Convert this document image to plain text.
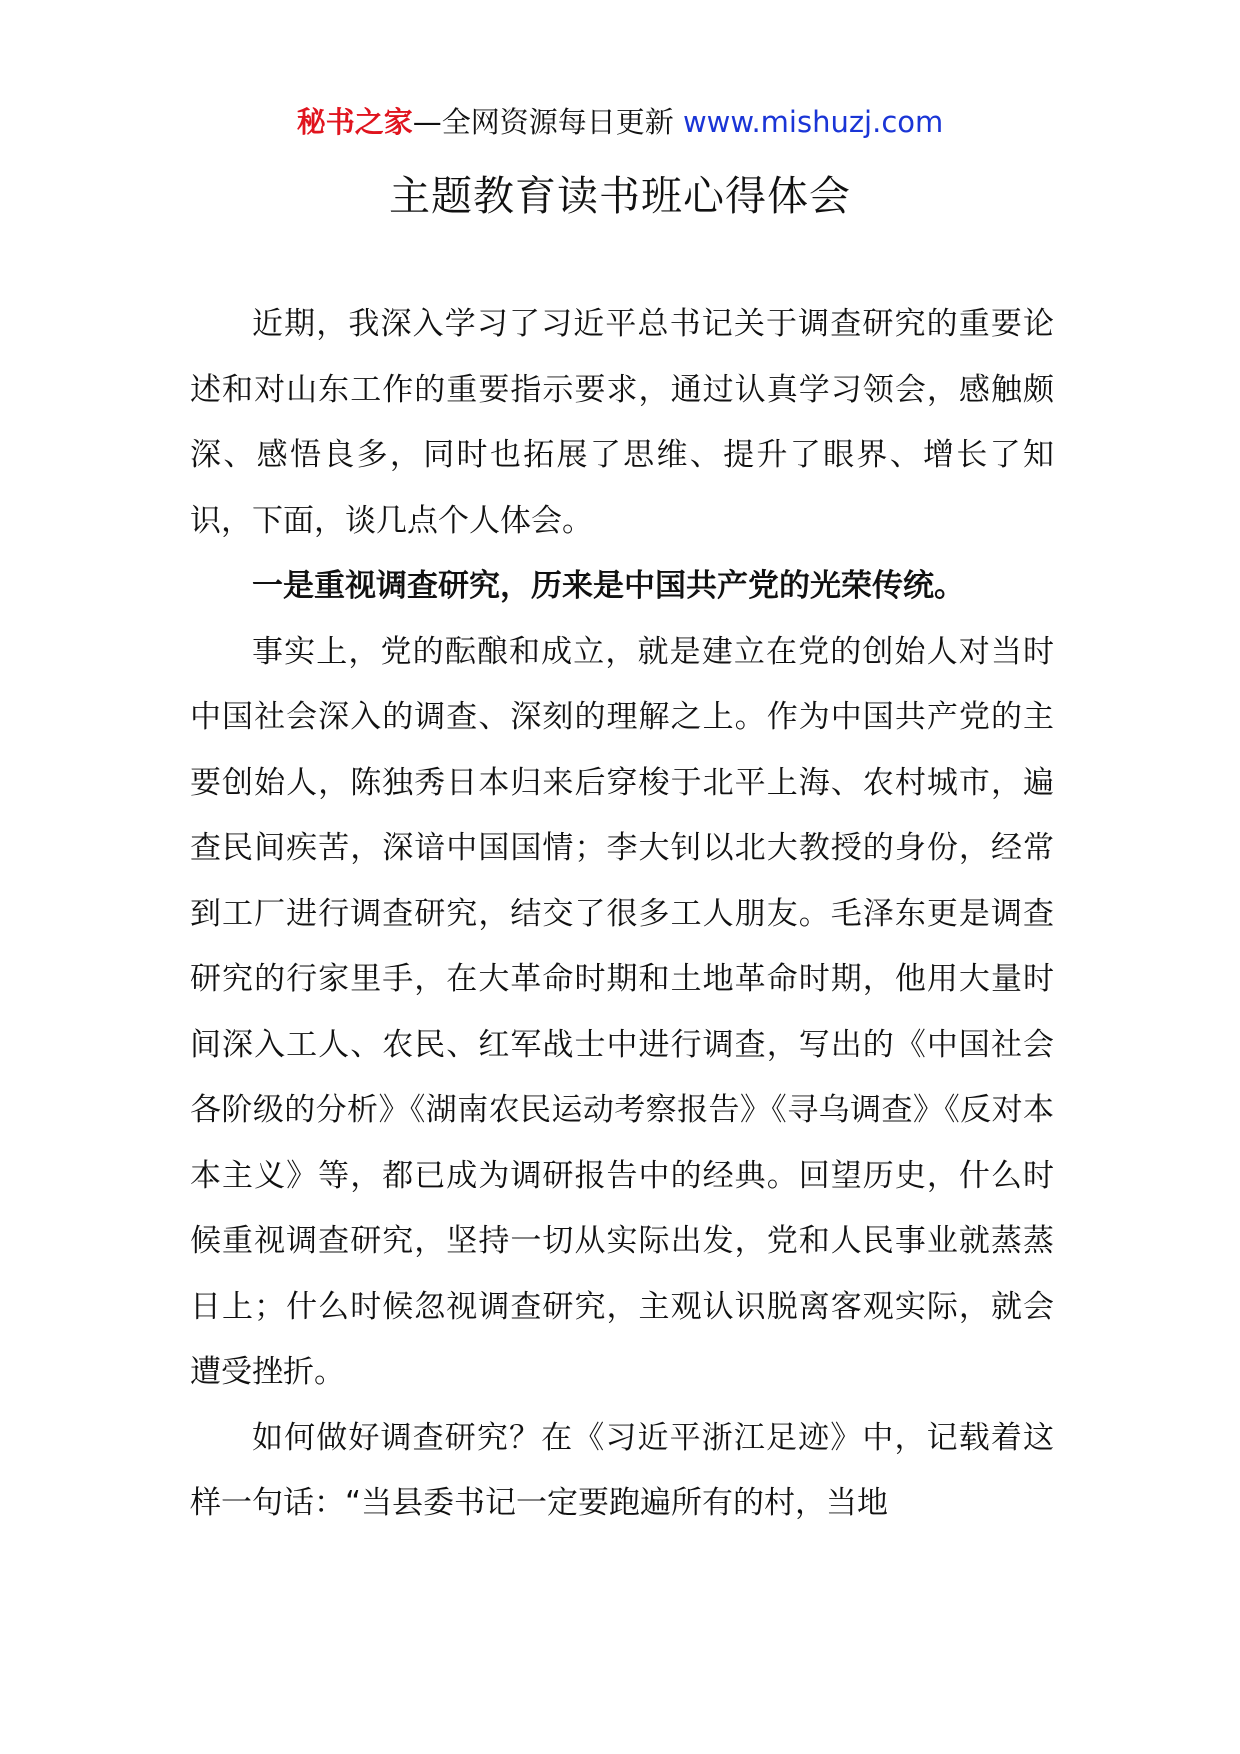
秘书之家—全网资源每日更新 www.mishuzj.com
主题教育读书班心得体会

近期，我深入学习了习近平总书记关于调查研究的重要论述和对山东工作的重要指示要求，通过认真学习领会，感触颇深、感悟良多，同时也拓展了思维、提升了眼界、增长了知识，下面，谈几点个人体会。

一是重视调查研究，历来是中国共产党的光荣传统。

事实上，党的酝酿和成立，就是建立在党的创始人对当时中国社会深入的调查、深刻的理解之上。作为中国共产党的主要创始人，陈独秀日本归来后穿梭于北平上海、农村城市，遍查民间疾苦，深谙中国国情；李大钊以北大教授的身份，经常到工厂进行调查研究，结交了很多工人朋友。毛泽东更是调查研究的行家里手，在大革命时期和土地革命时期，他用大量时间深入工人、农民、红军战士中进行调查，写出的《中国社会各阶级的分析》《湖南农民运动考察报告》《寻乌调查》《反对本本主义》等，都已成为调研报告中的经典。回望历史，什么时候重视调查研究，坚持一切从实际出发，党和人民事业就蒸蒸日上；什么时候忽视调查研究，主观认识脱离客观实际，就会遭受挫折。

如何做好调查研究？在《习近平浙江足迹》中，记载着这样一句话：“当县委书记一定要跑遍所有的村，当地
